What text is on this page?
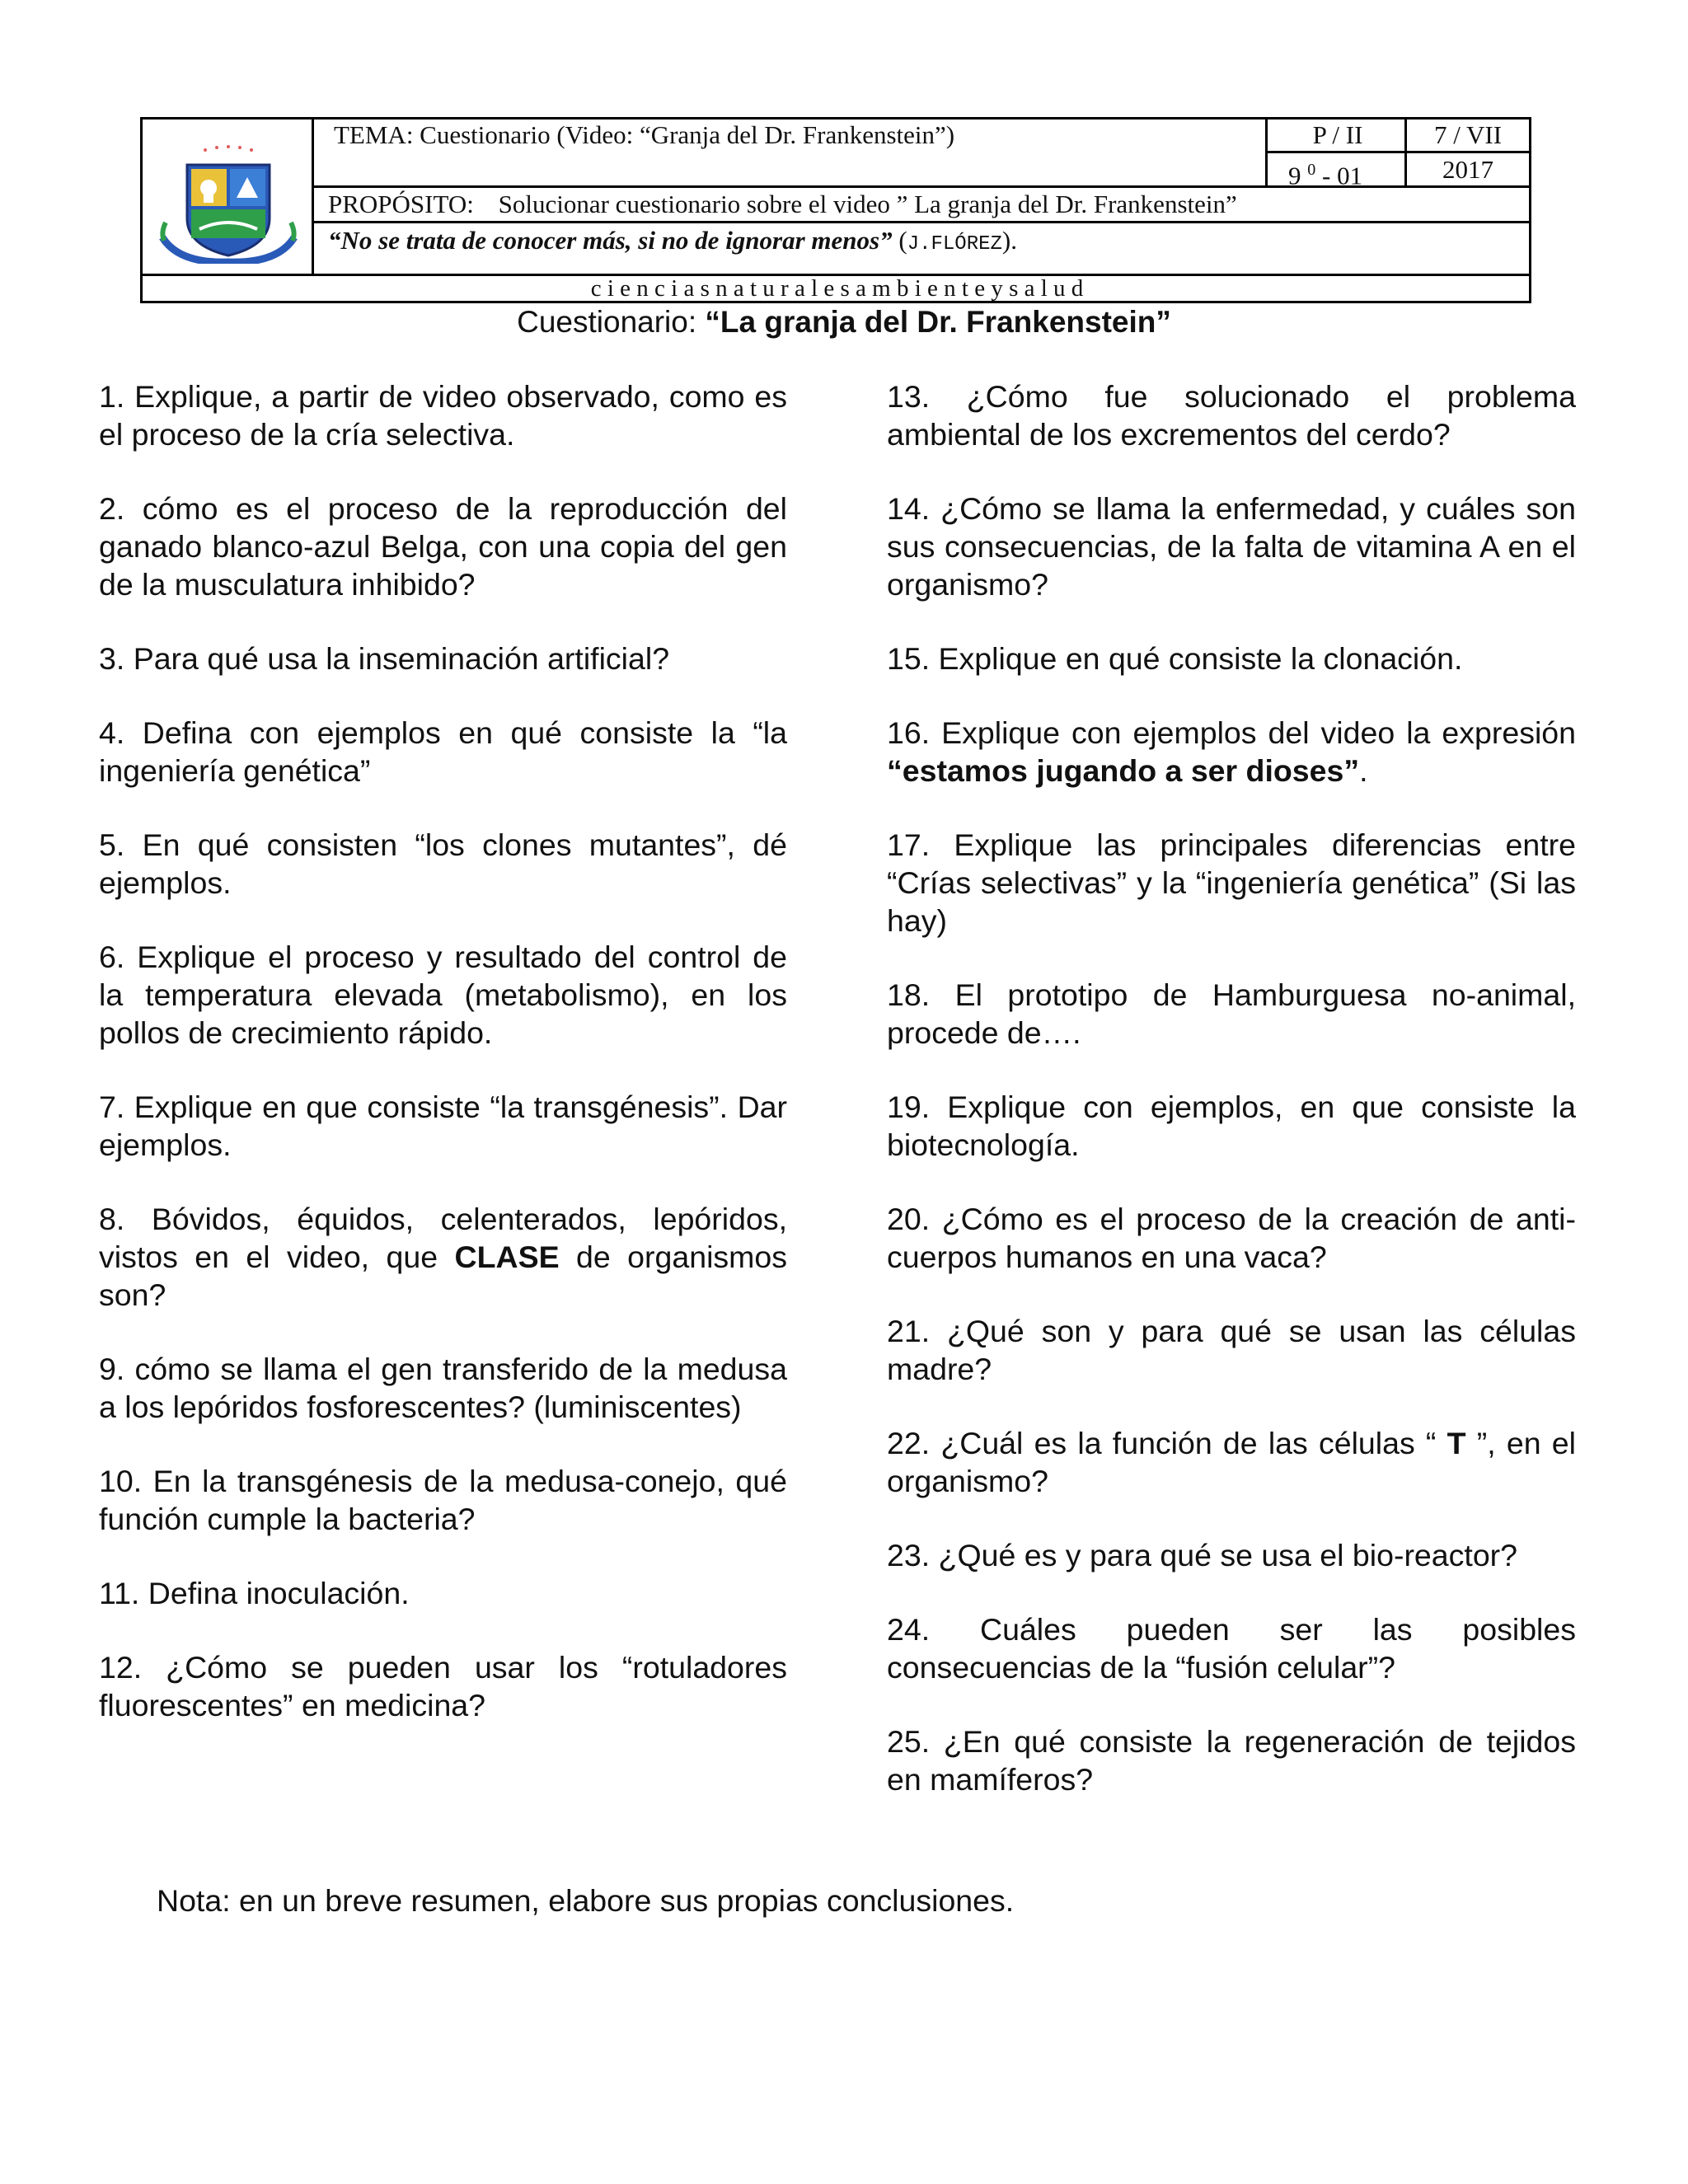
TEMA: Cuestionario (Video: “Granja del Dr. Frankenstein”)	P / II	7 / VII
9 $^0$ - 01	2017
PROPÓSITO: Solucionar cuestionario sobre el video ” La granja del Dr. Frankenstein”
“No se trata de conocer más, si no de ignorar menos” (J.FLÓREZ).
c i e n c i a s n a t u r a l e s a m b i e n t e y s a l u d
Cuestionario: “La granja del Dr. Frankenstein”

1. Explique, a partir de video observado, como es el proceso de la cría selectiva.

2. cómo es el proceso de la reproducción del ganado blanco-azul Belga, con una copia del gen de la musculatura inhibido?

3. Para qué usa la inseminación artificial?

4. Defina con ejemplos en qué consiste la “la ingeniería genética”

5. En qué consisten “los clones mutantes”, dé ejemplos.

6. Explique el proceso y resultado del control de la temperatura elevada (metabolismo), en los pollos de crecimiento rápido.

7. Explique en que consiste “la transgénesis”. Dar ejemplos.

8. Bóvidos, équidos, celenterados, lepóridos, vistos en el video, que CLASE de organismos son?

9. cómo se llama el gen transferido de la medusa a los lepóridos fosforescentes? (luminiscentes)

10. En la transgénesis de la medusa-conejo, qué función cumple la bacteria?

11. Defina inoculación.

12. ¿Cómo se pueden usar los “rotuladores fluorescentes” en medicina?

13. ¿Cómo fue solucionado el problema ambiental de los excrementos del cerdo?

14. ¿Cómo se llama la enfermedad, y cuáles son sus consecuencias, de la falta de vitamina A en el organismo?

15. Explique en qué consiste la clonación.

16. Explique con ejemplos del video la expresión “estamos jugando a ser dioses”.

17. Explique las principales diferencias entre “Crías selectivas” y la “ingeniería genética” (Si las hay)

18. El prototipo de Hamburguesa no-animal, procede de….

19. Explique con ejemplos, en que consiste la biotecnología.

20. ¿Cómo es el proceso de la creación de anti-cuerpos humanos en una vaca?

21. ¿Qué son y para qué se usan las células madre?

22. ¿Cuál es la función de las células “ T ”, en el organismo?

23. ¿Qué es y para qué se usa el bio-reactor?

24. Cuáles pueden ser las posibles consecuencias de la “fusión celular”?

25. ¿En qué consiste la regeneración de tejidos en mamíferos?

Nota: en un breve resumen, elabore sus propias conclusiones.
